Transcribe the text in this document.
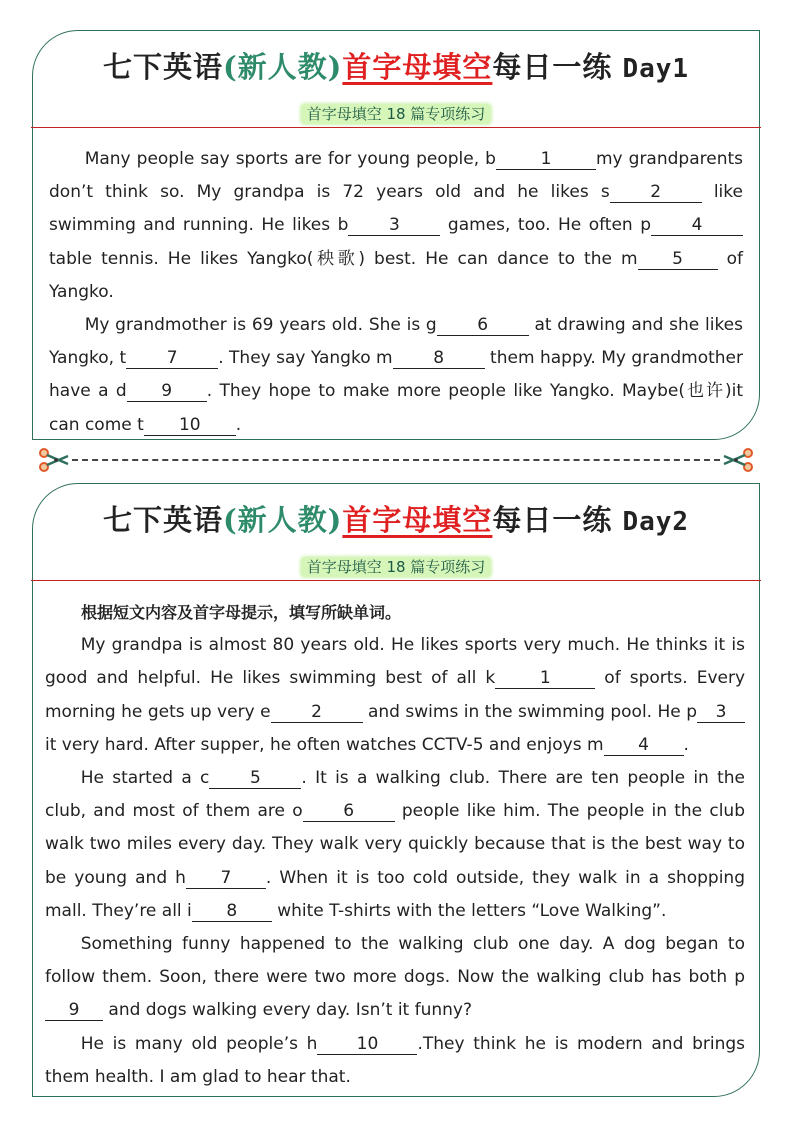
七下英语(新人教)首字母填空每日一练 Day1
首字母填空 18 篇专项练习

Many people say sports are for young people, b	1	my grandparents don’t think so. My grandpa is 72 years old and he likes s 2 like swimming and running. He likes b 3 games, too. He often p 4 table tennis. He likes Yangko(秧歌) best. He can dance to the m 5 of Yangko.

My grandmother is 69 years old. She is g 6 at drawing and she likes Yangko, t 7 . They say Yangko m 8 them happy. My grandmother have a d 9 . They hope to make more people like Yangko. Maybe(也许)it can come t 10 .

七下英语(新人教)首字母填空每日一练 Day2
首字母填空 18 篇专项练习
根据短文内容及首字母提示，填写所缺单词。

My grandpa is almost 80 years old. He likes sports very much. He thinks it is good and helpful. He likes swimming best of all k	1	of sports. Every morning he gets up very e 2 and swims in the swimming pool. He p 3 it very hard. After supper, he often watches CCTV-5 and enjoys m 4 .

He started a c 5 . It is a walking club. There are ten people in the club, and most of them are o 6 people like him. The people in the club walk two miles every day. They walk very quickly because that is the best way to be young and h 7 . When it is too cold outside, they walk in a shopping mall. They’re all i 8 white T-shirts with the letters “Love Walking”.

Something funny happened to the walking club one day. A dog began to follow them. Soon, there were two more dogs. Now the walking club has both p9 and dogs walking every day. Isn’t it funny?

He is many old people’s h 10 .They think he is modern and brings them health. I am glad to hear that.
